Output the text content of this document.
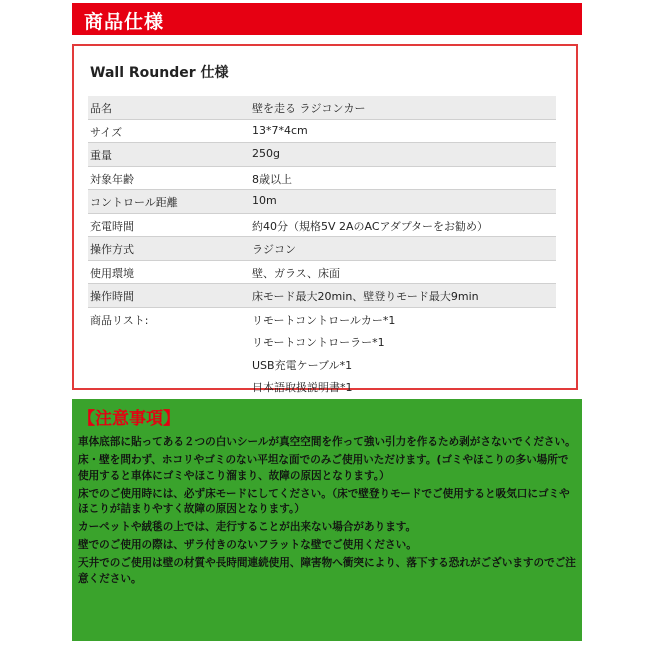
商品仕様
Wall Rounder 仕様
品名	壁を走る ラジコンカー
サイズ	13*7*4cm
重量	250g
対象年齢	8歳以上
コントロール距離	10m
充電時間	約40分（規格5V 2AのACアダプターをお勧め）
操作方式	ラジコン
使用環境	壁、ガラス、床面
操作時間	床モード最大20min、壁登りモード最大9min
商品リスト:	リモートコントロールカー*1
リモートコントローラー*1
USB充電ケーブル*1
日本語取扱説明書*1
【注意事項】

車体底部に貼ってある２つの白いシールが真空空間を作って強い引力を作るため剥がさないでください。

床・壁を問わず、ホコリやゴミのない平坦な面でのみご使用いただけます。(ゴミやほこりの多い場所で使用すると車体にゴミやほこり溜まり、故障の原因となります。）

床でのご使用時には、必ず床モードにしてください。（床で壁登りモードでご使用すると吸気口にゴミやほこりが詰まりやすく故障の原因となります。）

カーペットや絨毯の上では、走行することが出来ない場合があります。

壁でのご使用の際は、ザラ付きのないフラットな壁でご使用ください。

天井でのご使用は壁の材質や長時間連続使用、障害物へ衝突により、落下する恐れがございますのでご注意ください。
